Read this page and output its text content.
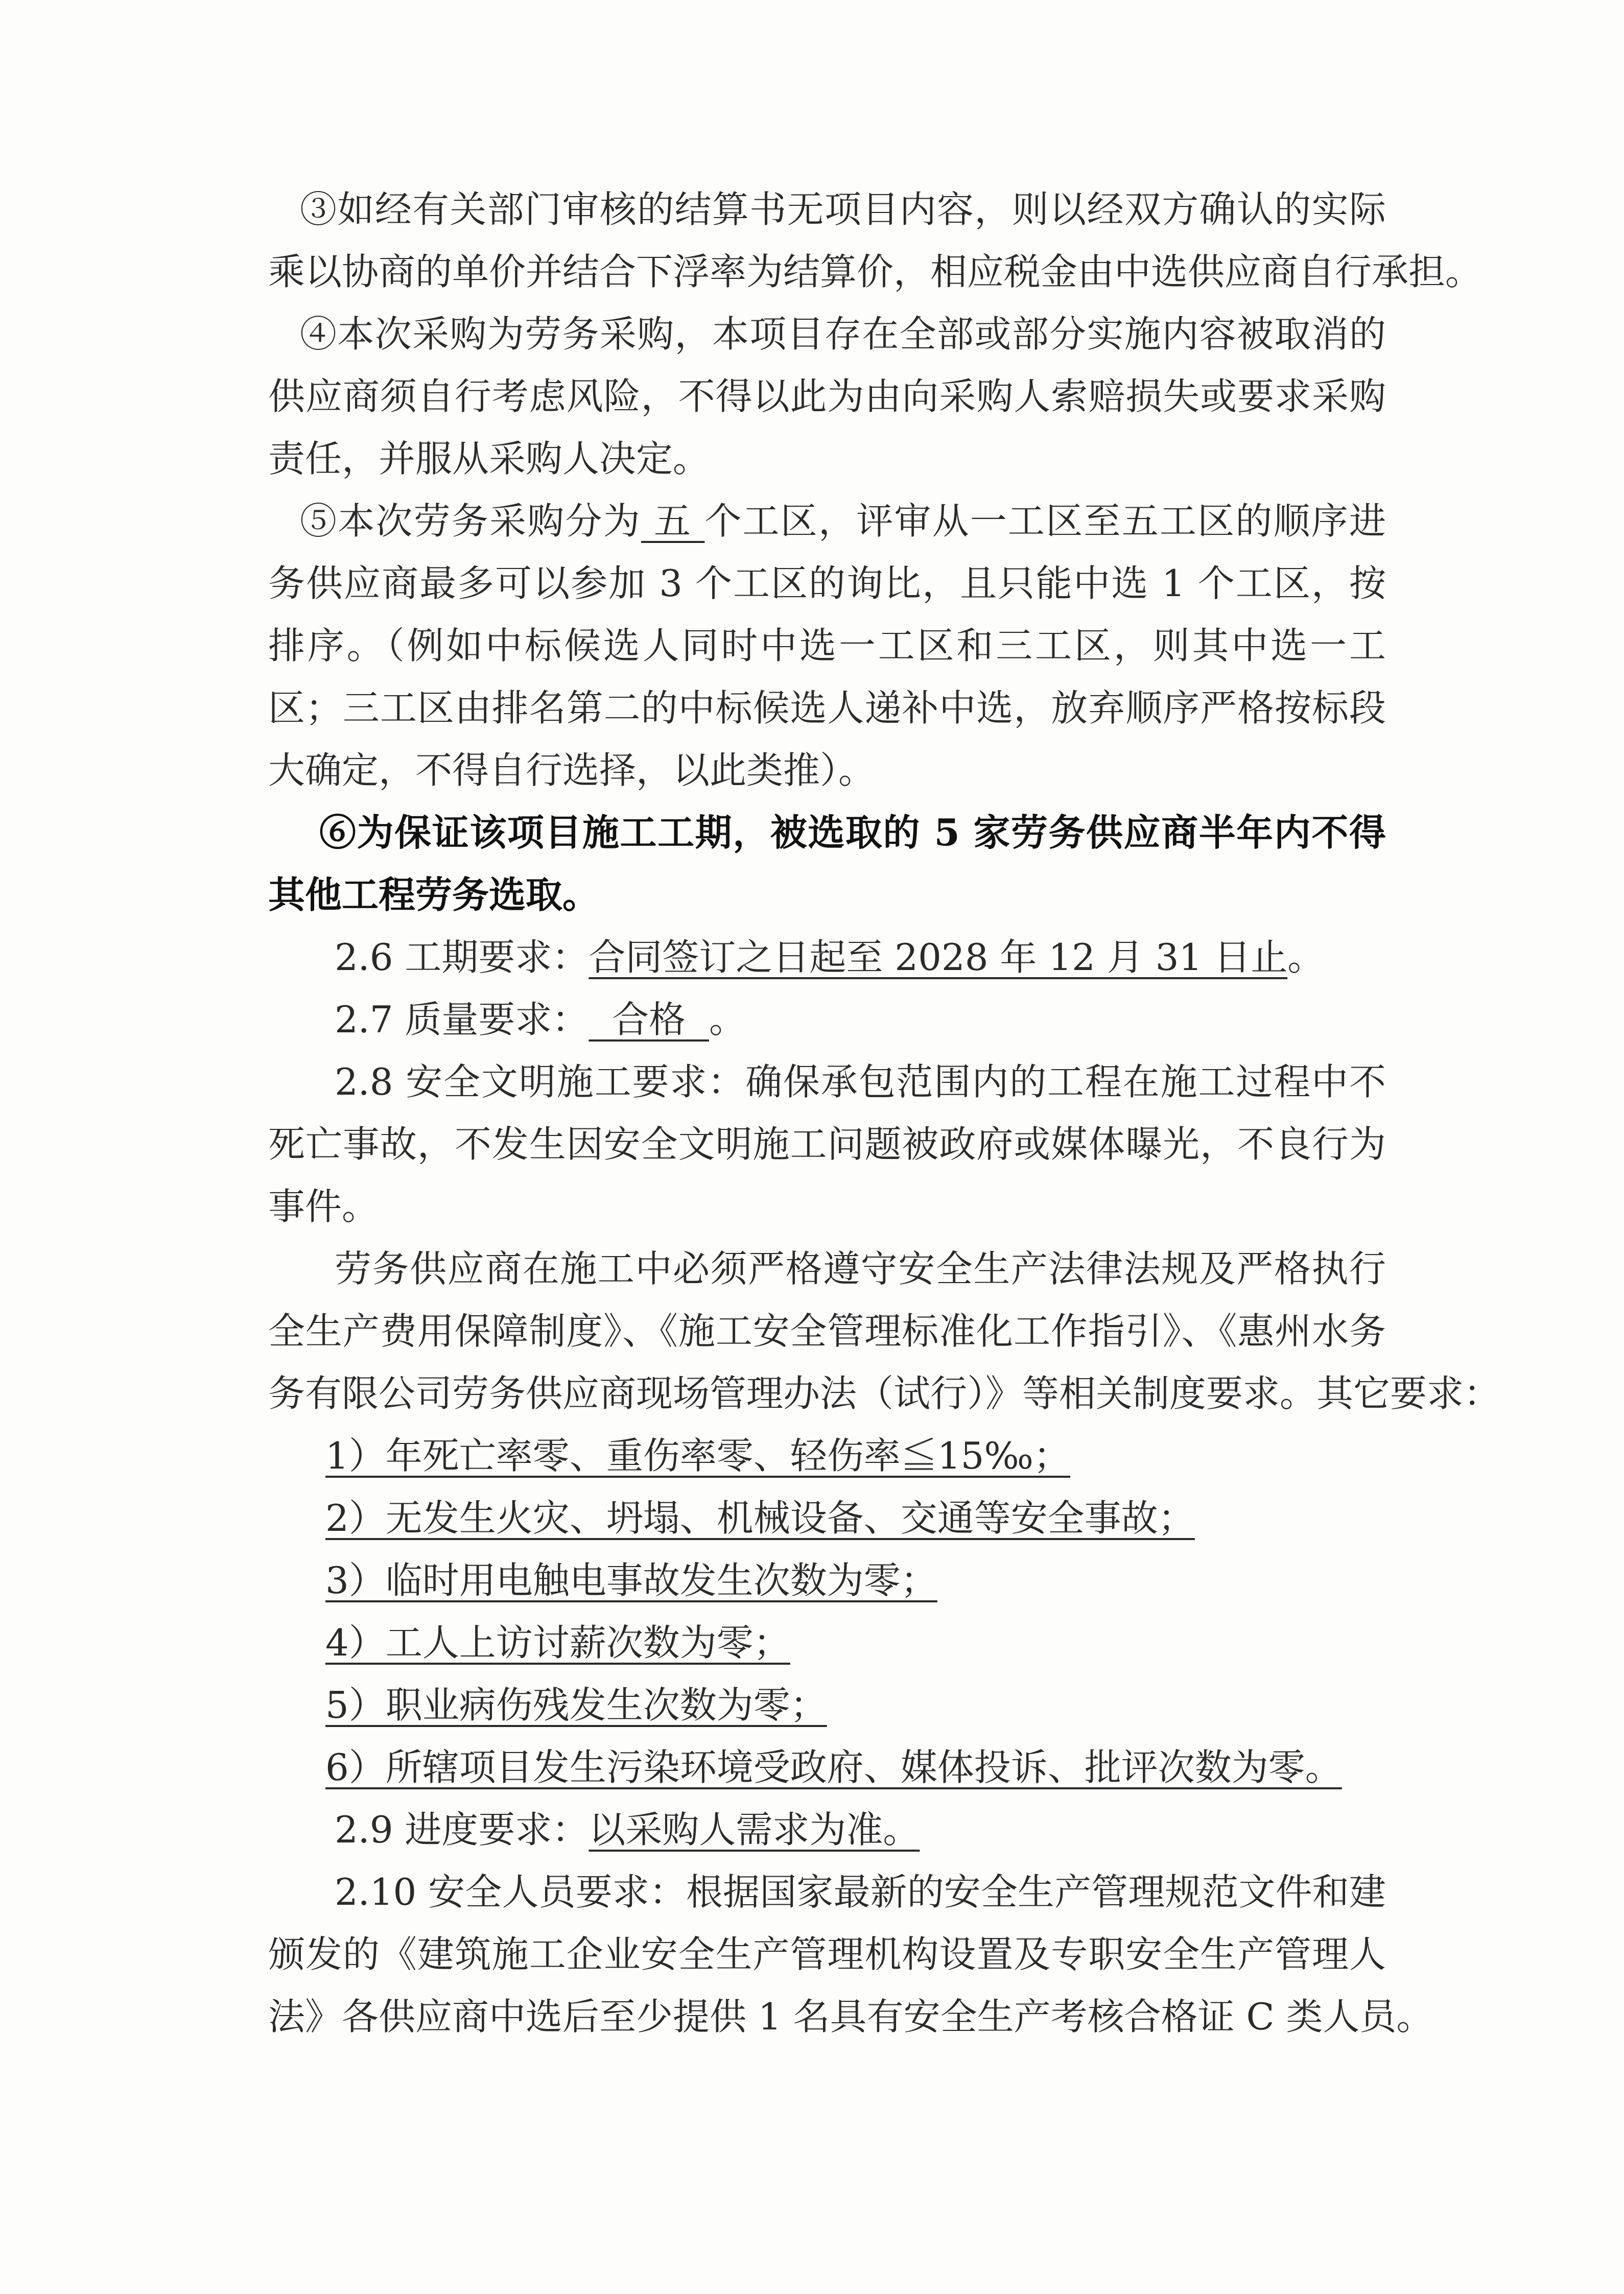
③如经有关部门审核的结算书无项目内容，则以经双方确认的实际
乘以协商的单价并结合下浮率为结算价，相应税金由中选供应商自行承担。
④本次采购为劳务采购，本项目存在全部或部分实施内容被取消的
供应商须自行考虑风险，不得以此为由向采购人索赔损失或要求采购
责任，并服从采购人决定。
⑤本次劳务采购分为 五 个工区，评审从一工区至五工区的顺序进
务供应商最多可以参加 3 个工区的询比，且只能中选 1 个工区，按
排序。（例如中标候选人同时中选一工区和三工区，则其中选一工
区；三工区由排名第二的中标候选人递补中选，放弃顺序严格按标段
大确定，不得自行选择，以此类推）。
⑥为保证该项目施工工期，被选取的 5 家劳务供应商半年内不得
其他工程劳务选取。
2.6 工期要求：合同签订之日起至 2028 年 12 月 31 日止。
2.7 质量要求：  合格  。
2.8 安全文明施工要求：确保承包范围内的工程在施工过程中不
死亡事故，不发生因安全文明施工问题被政府或媒体曝光，不良行为
事件。
劳务供应商在施工中必须严格遵守安全生产法律法规及严格执行
全生产费用保障制度》、《施工安全管理标准化工作指引》、《惠州水务
务有限公司劳务供应商现场管理办法（试行）》等相关制度要求。其它要求：
1）年死亡率零、重伤率零、轻伤率≦15‰；
2）无发生火灾、坍塌、机械设备、交通等安全事故；
3）临时用电触电事故发生次数为零；
4）工人上访讨薪次数为零；
5）职业病伤残发生次数为零；
6）所辖项目发生污染环境受政府、媒体投诉、批评次数为零。
2.9 进度要求：以采购人需求为准。
2.10 安全人员要求：根据国家最新的安全生产管理规范文件和建
颁发的《建筑施工企业安全生产管理机构设置及专职安全生产管理人
法》各供应商中选后至少提供 1 名具有安全生产考核合格证 C 类人员。
